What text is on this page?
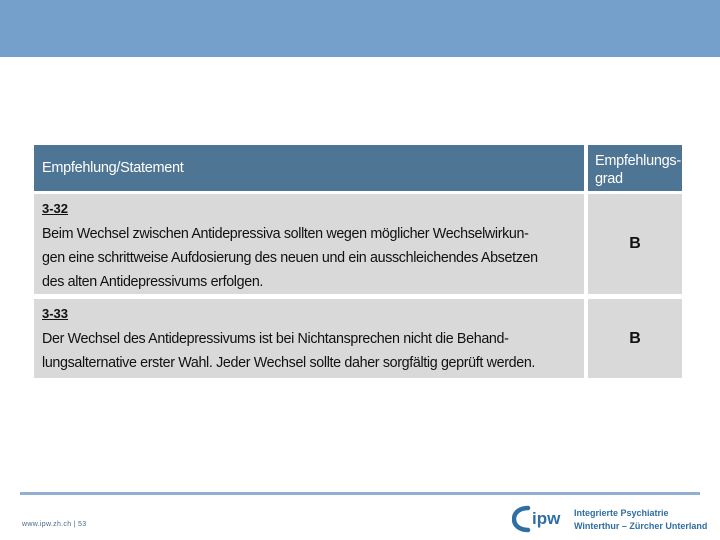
Empfehlung/Statement	Empfehlungs-
grad
3-32
Beim Wechsel zwischen Antidepressiva sollten wegen möglicher Wechselwirkun-
gen eine schrittweise Aufdosierung des neuen und ein ausschleichendes Absetzen
des alten Antidepressivums erfolgen.
B
3-33
Der Wechsel des Antidepressivums ist bei Nichtansprechen nicht die Behand-
lungsalternative erster Wahl. Jeder Wechsel sollte daher sorgfältig geprüft werden.
B
www.ipw.zh.ch | 53	ipw Integrierte Psychiatrie
Winterthur – Zürcher Unterland
